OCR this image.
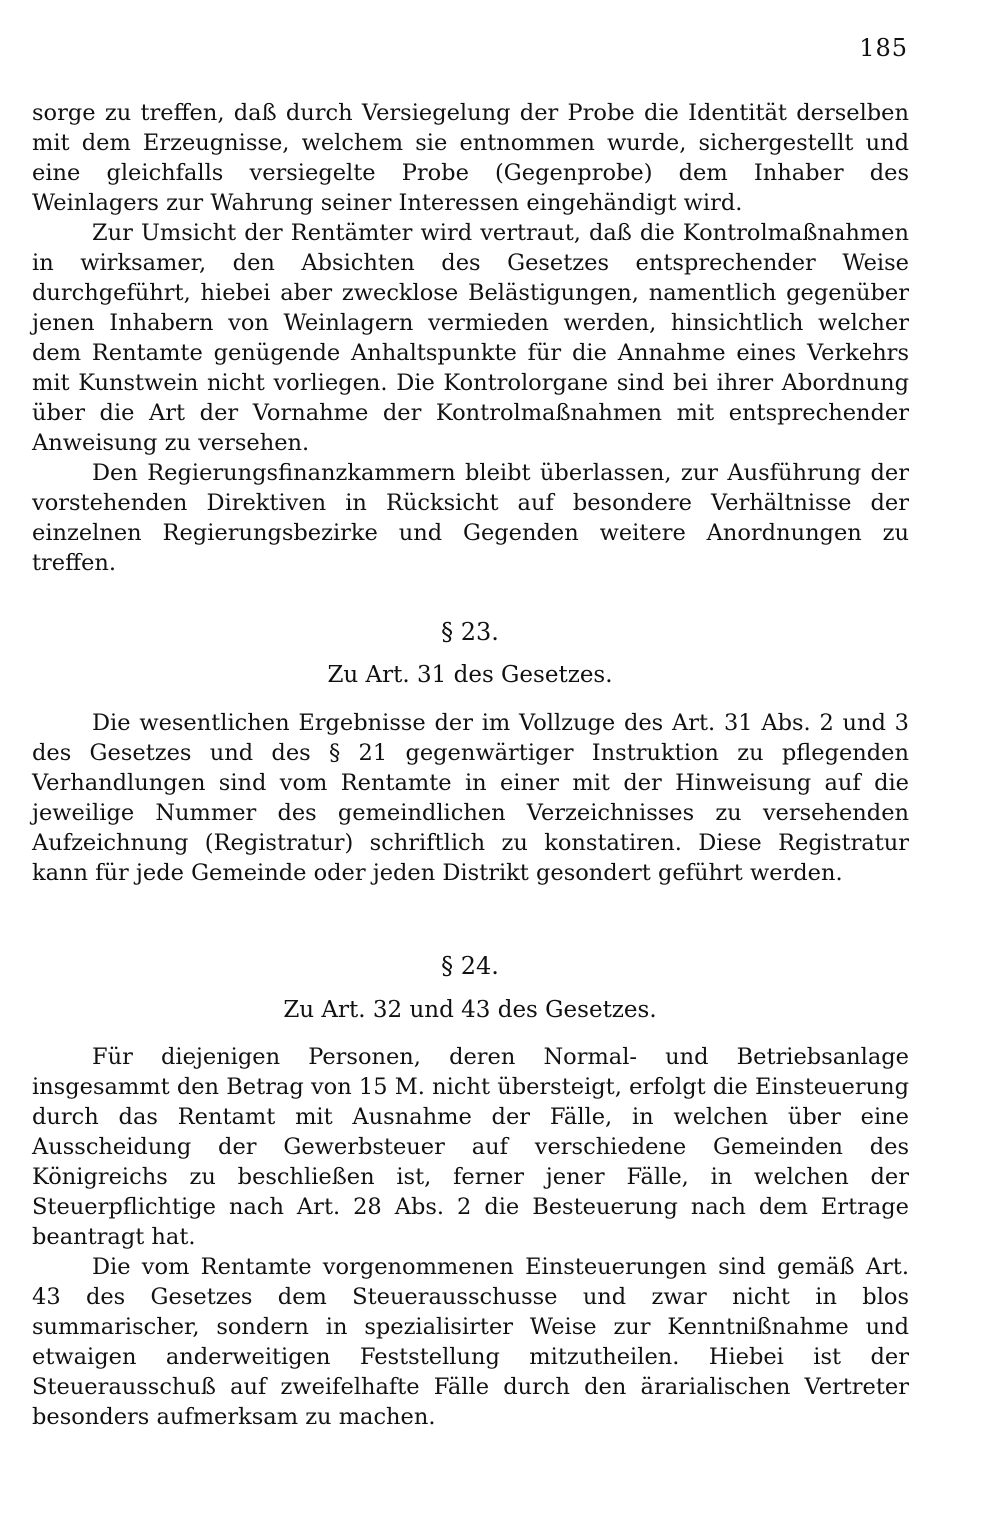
185

sorge zu treffen, daß durch Versiegelung der Probe die Identität derselben mit dem Erzeugnisse, welchem sie entnommen wurde, sichergestellt und eine gleichfalls versiegelte Probe (Gegenprobe) dem Inhaber des Weinlagers zur Wahrung seiner Interessen eingehändigt wird.

Zur Umsicht der Rentämter wird vertraut, daß die Kontrolmaßnahmen in wirksamer, den Absichten des Gesetzes entsprechender Weise durchgeführt, hiebei aber zwecklose Belästigungen, namentlich gegenüber jenen Inhabern von Weinlagern vermieden werden, hinsichtlich welcher dem Rentamte genügende Anhaltspunkte für die Annahme eines Verkehrs mit Kunstwein nicht vorliegen. Die Kontrolorgane sind bei ihrer Abordnung über die Art der Vornahme der Kontrolmaßnahmen mit entsprechender Anweisung zu versehen.

Den Regierungsfinanzkammern bleibt überlassen, zur Ausführung der vorstehenden Direktiven in Rücksicht auf besondere Verhältnisse der einzelnen Regierungsbezirke und Gegenden weitere Anordnungen zu treffen.

§ 23.
Zu Art. 31 des Gesetzes.

Die wesentlichen Ergebnisse der im Vollzuge des Art. 31 Abs. 2 und 3 des Gesetzes und des § 21 gegenwärtiger Instruktion zu pflegenden Verhandlungen sind vom Rentamte in einer mit der Hinweisung auf die jeweilige Nummer des gemeindlichen Verzeichnisses zu versehenden Aufzeichnung (Registratur) schriftlich zu konstatiren. Diese Registratur kann für jede Gemeinde oder jeden Distrikt gesondert geführt werden.

§ 24.
Zu Art. 32 und 43 des Gesetzes.

Für diejenigen Personen, deren Normal- und Betriebsanlage insgesammt den Betrag von 15 M. nicht übersteigt, erfolgt die Einsteuerung durch das Rentamt mit Ausnahme der Fälle, in welchen über eine Ausscheidung der Gewerbsteuer auf verschiedene Gemeinden des Königreichs zu beschließen ist, ferner jener Fälle, in welchen der Steuerpflichtige nach Art. 28 Abs. 2 die Besteuerung nach dem Ertrage beantragt hat.

Die vom Rentamte vorgenommenen Einsteuerungen sind gemäß Art. 43 des Gesetzes dem Steuerausschusse und zwar nicht in blos summarischer, sondern in spezialisirter Weise zur Kenntnißnahme und etwaigen anderweitigen Feststellung mitzutheilen. Hiebei ist der Steuerausschuß auf zweifelhafte Fälle durch den ärarialischen Vertreter besonders aufmerksam zu machen.
